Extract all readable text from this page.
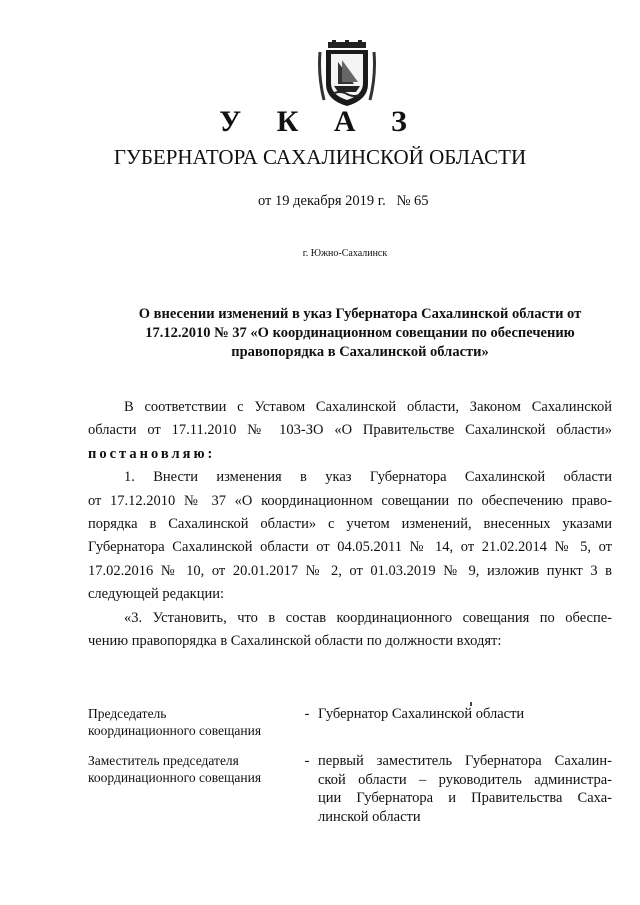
У К А З
ГУБЕРНАТОРА САХАЛИНСКОЙ ОБЛАСТИ
от 19 декабря 2019 г.   № 65
г. Южно-Сахалинск
О внесении изменений в указ Губернатора Сахалинской области от
17.12.2010 № 37 «О координационном совещании по обеспечению
правопорядка в Сахалинской области»
В соответствии с Уставом Сахалинской области, Законом Сахалинской
области от 17.11.2010 № 103-ЗО «О Правительстве Сахалинской области»
постановляю:
1. Внести изменения в указ Губернатора Сахалинской области
от 17.12.2010 № 37 «О координационном совещании по обеспечению право-
порядка в Сахалинской области» с учетом изменений, внесенных указами
Губернатора Сахалинской области от 04.05.2011 № 14, от 21.02.2014 № 5, от
17.02.2016 № 10, от 20.01.2017 № 2, от 01.03.2019 № 9, изложив пункт 3 в
следующей редакции:
«3. Установить, что в состав координационного совещания по обеспе-
чению правопорядка в Сахалинской области по должности входят:
Председатель
координационного совещания
- Губернатор Сахалинской области
Заместитель председателя
координационного совещания
- первый заместитель Губернатора Сахалин-
ской области – руководитель администра-
ции Губернатора и Правительства Саха-
линской области
